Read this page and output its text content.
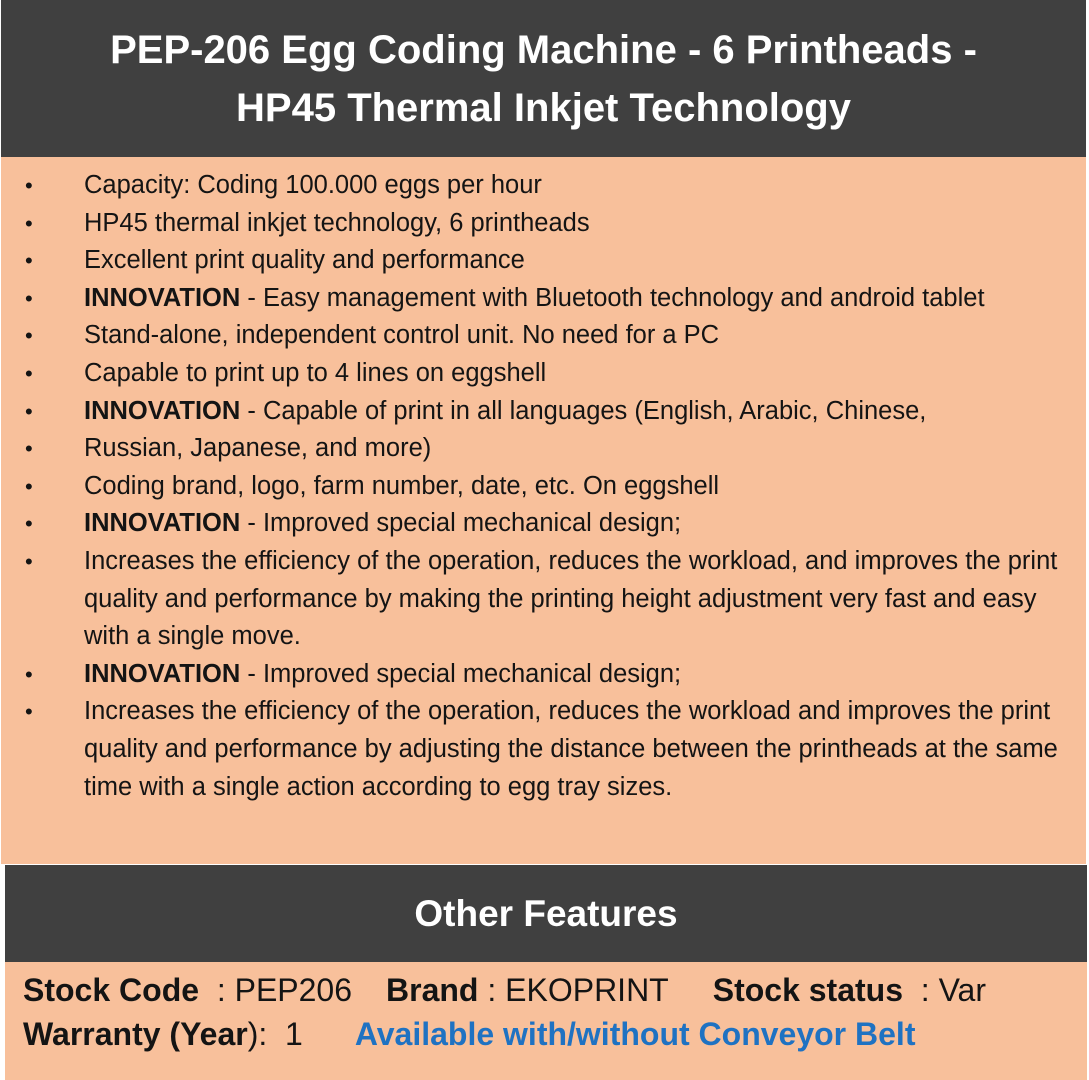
PEP-206 Egg Coding Machine - 6 Printheads -
HP45 Thermal Inkjet Technology
• Capacity: Coding 100.000 eggs per hour
• HP45 thermal inkjet technology, 6 printheads
• Excellent print quality and performance
• INNOVATION - Easy management with Bluetooth technology and android tablet
• Stand-alone, independent control unit. No need for a PC
• Capable to print up to 4 lines on eggshell
• INNOVATION - Capable of print in all languages (English, Arabic, Chinese,
• Russian, Japanese, and more)
• Coding brand, logo, farm number, date, etc. On eggshell
• INNOVATION - Improved special mechanical design;
• Increases the efficiency of the operation, reduces the workload, and improves the print quality and performance by making the printing height adjustment very fast and easy with a single move.
• INNOVATION - Improved special mechanical design;
• Increases the efficiency of the operation, reduces the workload and improves the print quality and performance by adjusting the distance between the printheads at the same time with a single action according to egg tray sizes.
Other Features
Stock Code  : PEP206 Brand : EKOPRINT Stock status  : Var
Warranty (Year):  1 Available with/without Conveyor Belt
